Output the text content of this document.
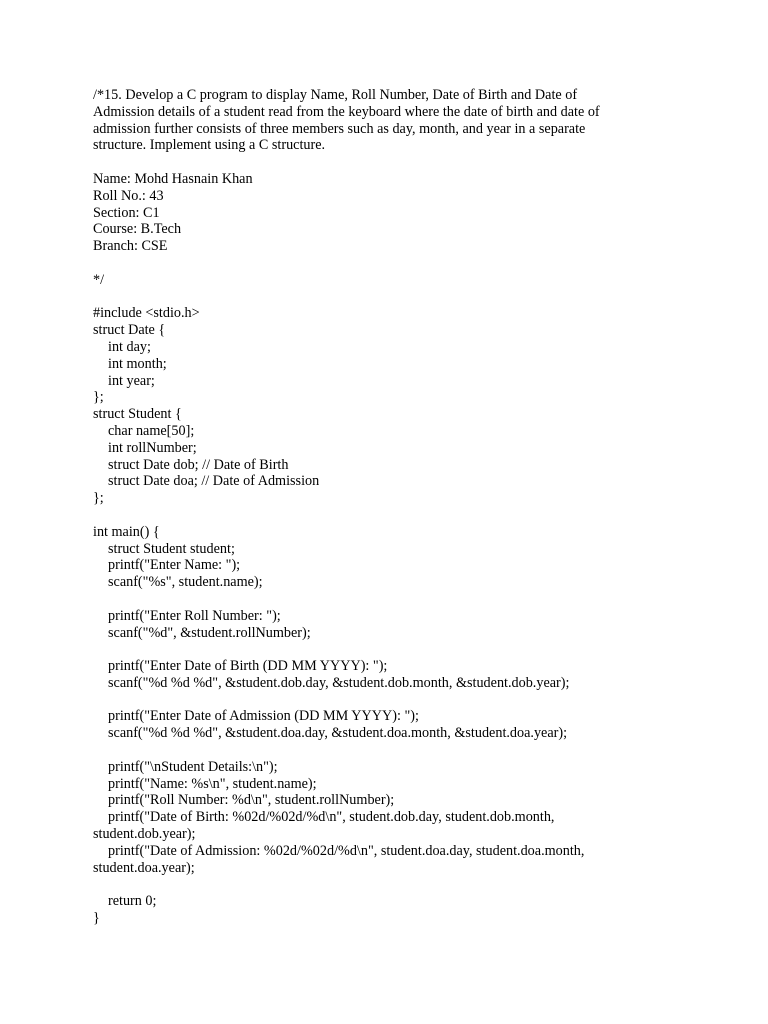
/*15. Develop a C program to display Name, Roll Number, Date of Birth and Date of
Admission details of a student read from the keyboard where the date of birth and date of
admission further consists of three members such as day, month, and year in a separate
structure. Implement using a C structure.
Name: Mohd Hasnain Khan
Roll No.: 43
Section: C1
Course: B.Tech
Branch: CSE
*/
#include <stdio.h>
struct Date {
int day;
int month;
int year;
};
struct Student {
char name[50];
int rollNumber;
struct Date dob; // Date of Birth
struct Date doa; // Date of Admission
};
int main() {
struct Student student;
printf("Enter Name: ");
scanf("%s", student.name);
printf("Enter Roll Number: ");
scanf("%d", &student.rollNumber);
printf("Enter Date of Birth (DD MM YYYY): ");
scanf("%d %d %d", &student.dob.day, &student.dob.month, &student.dob.year);
printf("Enter Date of Admission (DD MM YYYY): ");
scanf("%d %d %d", &student.doa.day, &student.doa.month, &student.doa.year);
printf("\nStudent Details:\n");
printf("Name: %s\n", student.name);
printf("Roll Number: %d\n", student.rollNumber);
printf("Date of Birth: %02d/%02d/%d\n", student.dob.day, student.dob.month,
student.dob.year);
printf("Date of Admission: %02d/%02d/%d\n", student.doa.day, student.doa.month,
student.doa.year);
return 0;
}
